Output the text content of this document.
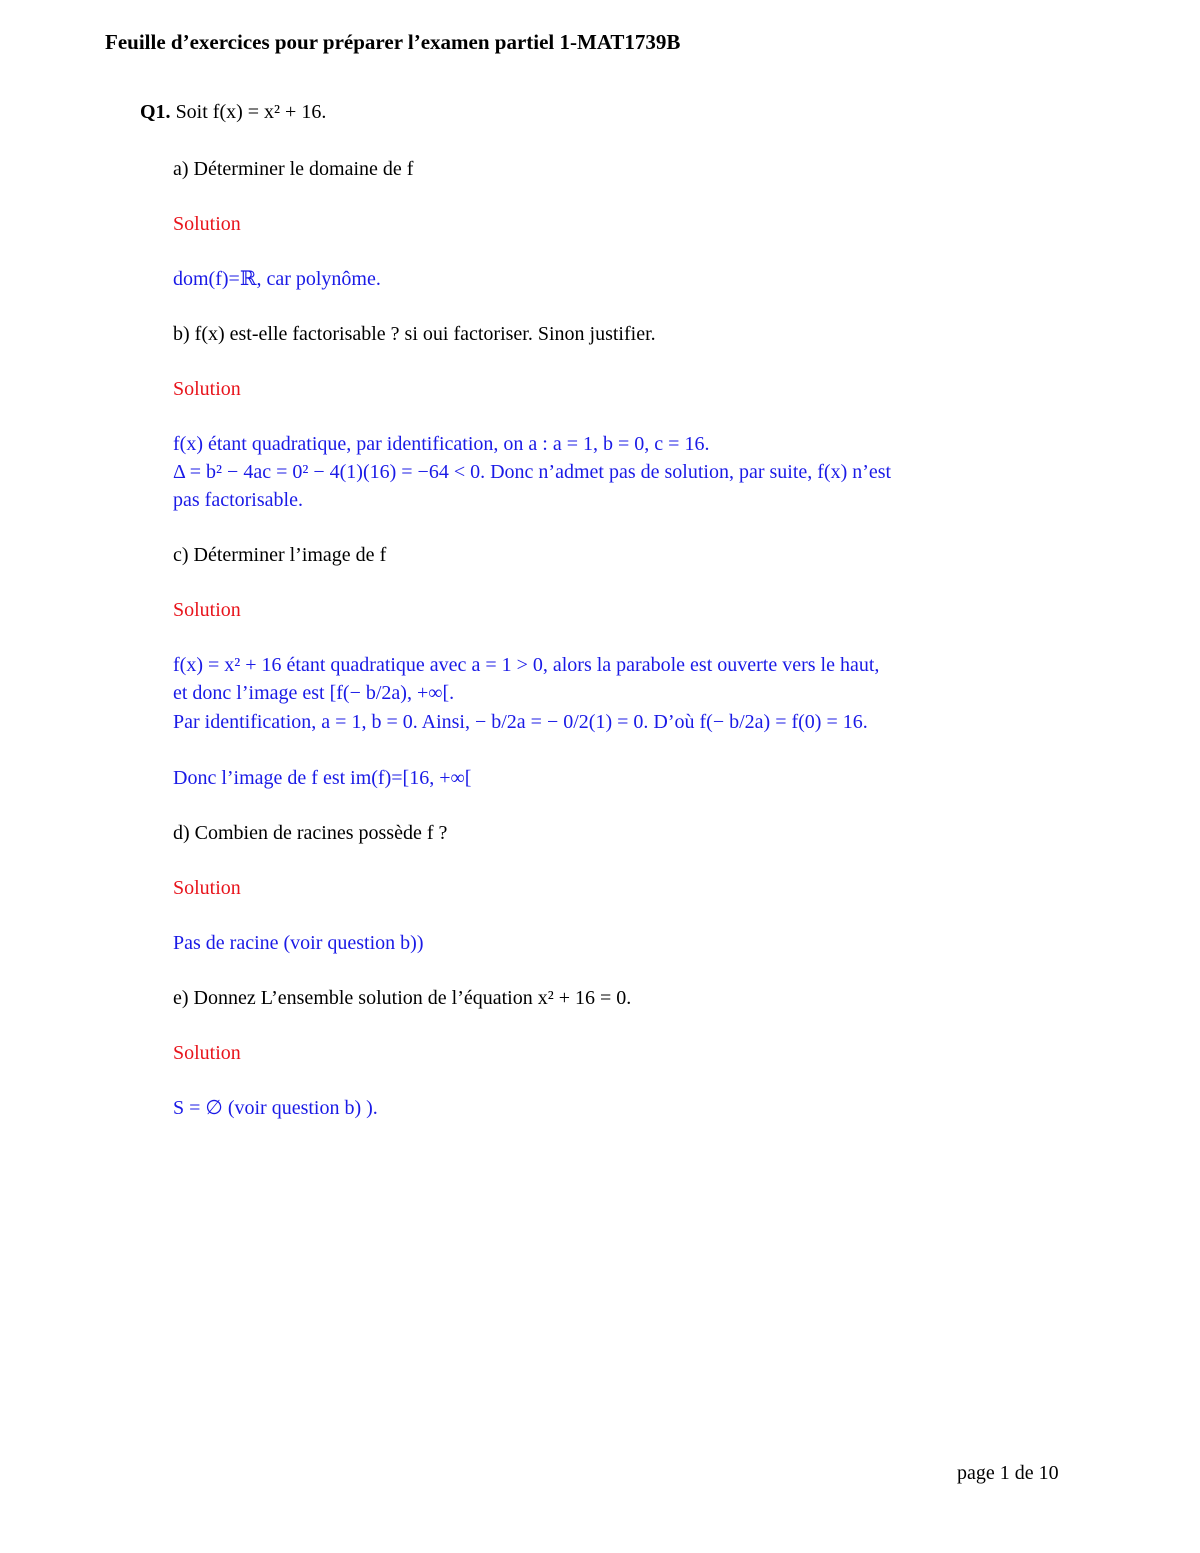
Feuille d’exercices pour préparer l’examen partiel 1-MAT1739B
Q1. Soit f(x) = x² + 16.
a) Déterminer le domaine de f
Solution
dom(f)=ℝ, car polynôme.
b) f(x) est-elle factorisable ? si oui factoriser. Sinon justifier.
Solution
f(x) étant quadratique, par identification, on a : a = 1, b = 0, c = 16.
Δ = b² − 4ac = 0² − 4(1)(16) = −64 < 0. Donc n’admet pas de solution, par suite, f(x) n’est
pas factorisable.
c) Déterminer l’image de f
Solution
f(x) = x² + 16 étant quadratique avec a = 1 > 0, alors la parabole est ouverte vers le haut,
et donc l’image est [f(− b/2a), +∞[.
Par identification, a = 1, b = 0. Ainsi, − b/2a = − 0/2(1) = 0. D’où f(− b/2a) = f(0) = 16.
Donc l’image de f est im(f)=[16, +∞[
d) Combien de racines possède f ?
Solution
Pas de racine (voir question b))
e) Donnez L’ensemble solution de l’équation x² + 16 = 0.
Solution
S = ∅ (voir question b) ).
page 1 de 10
